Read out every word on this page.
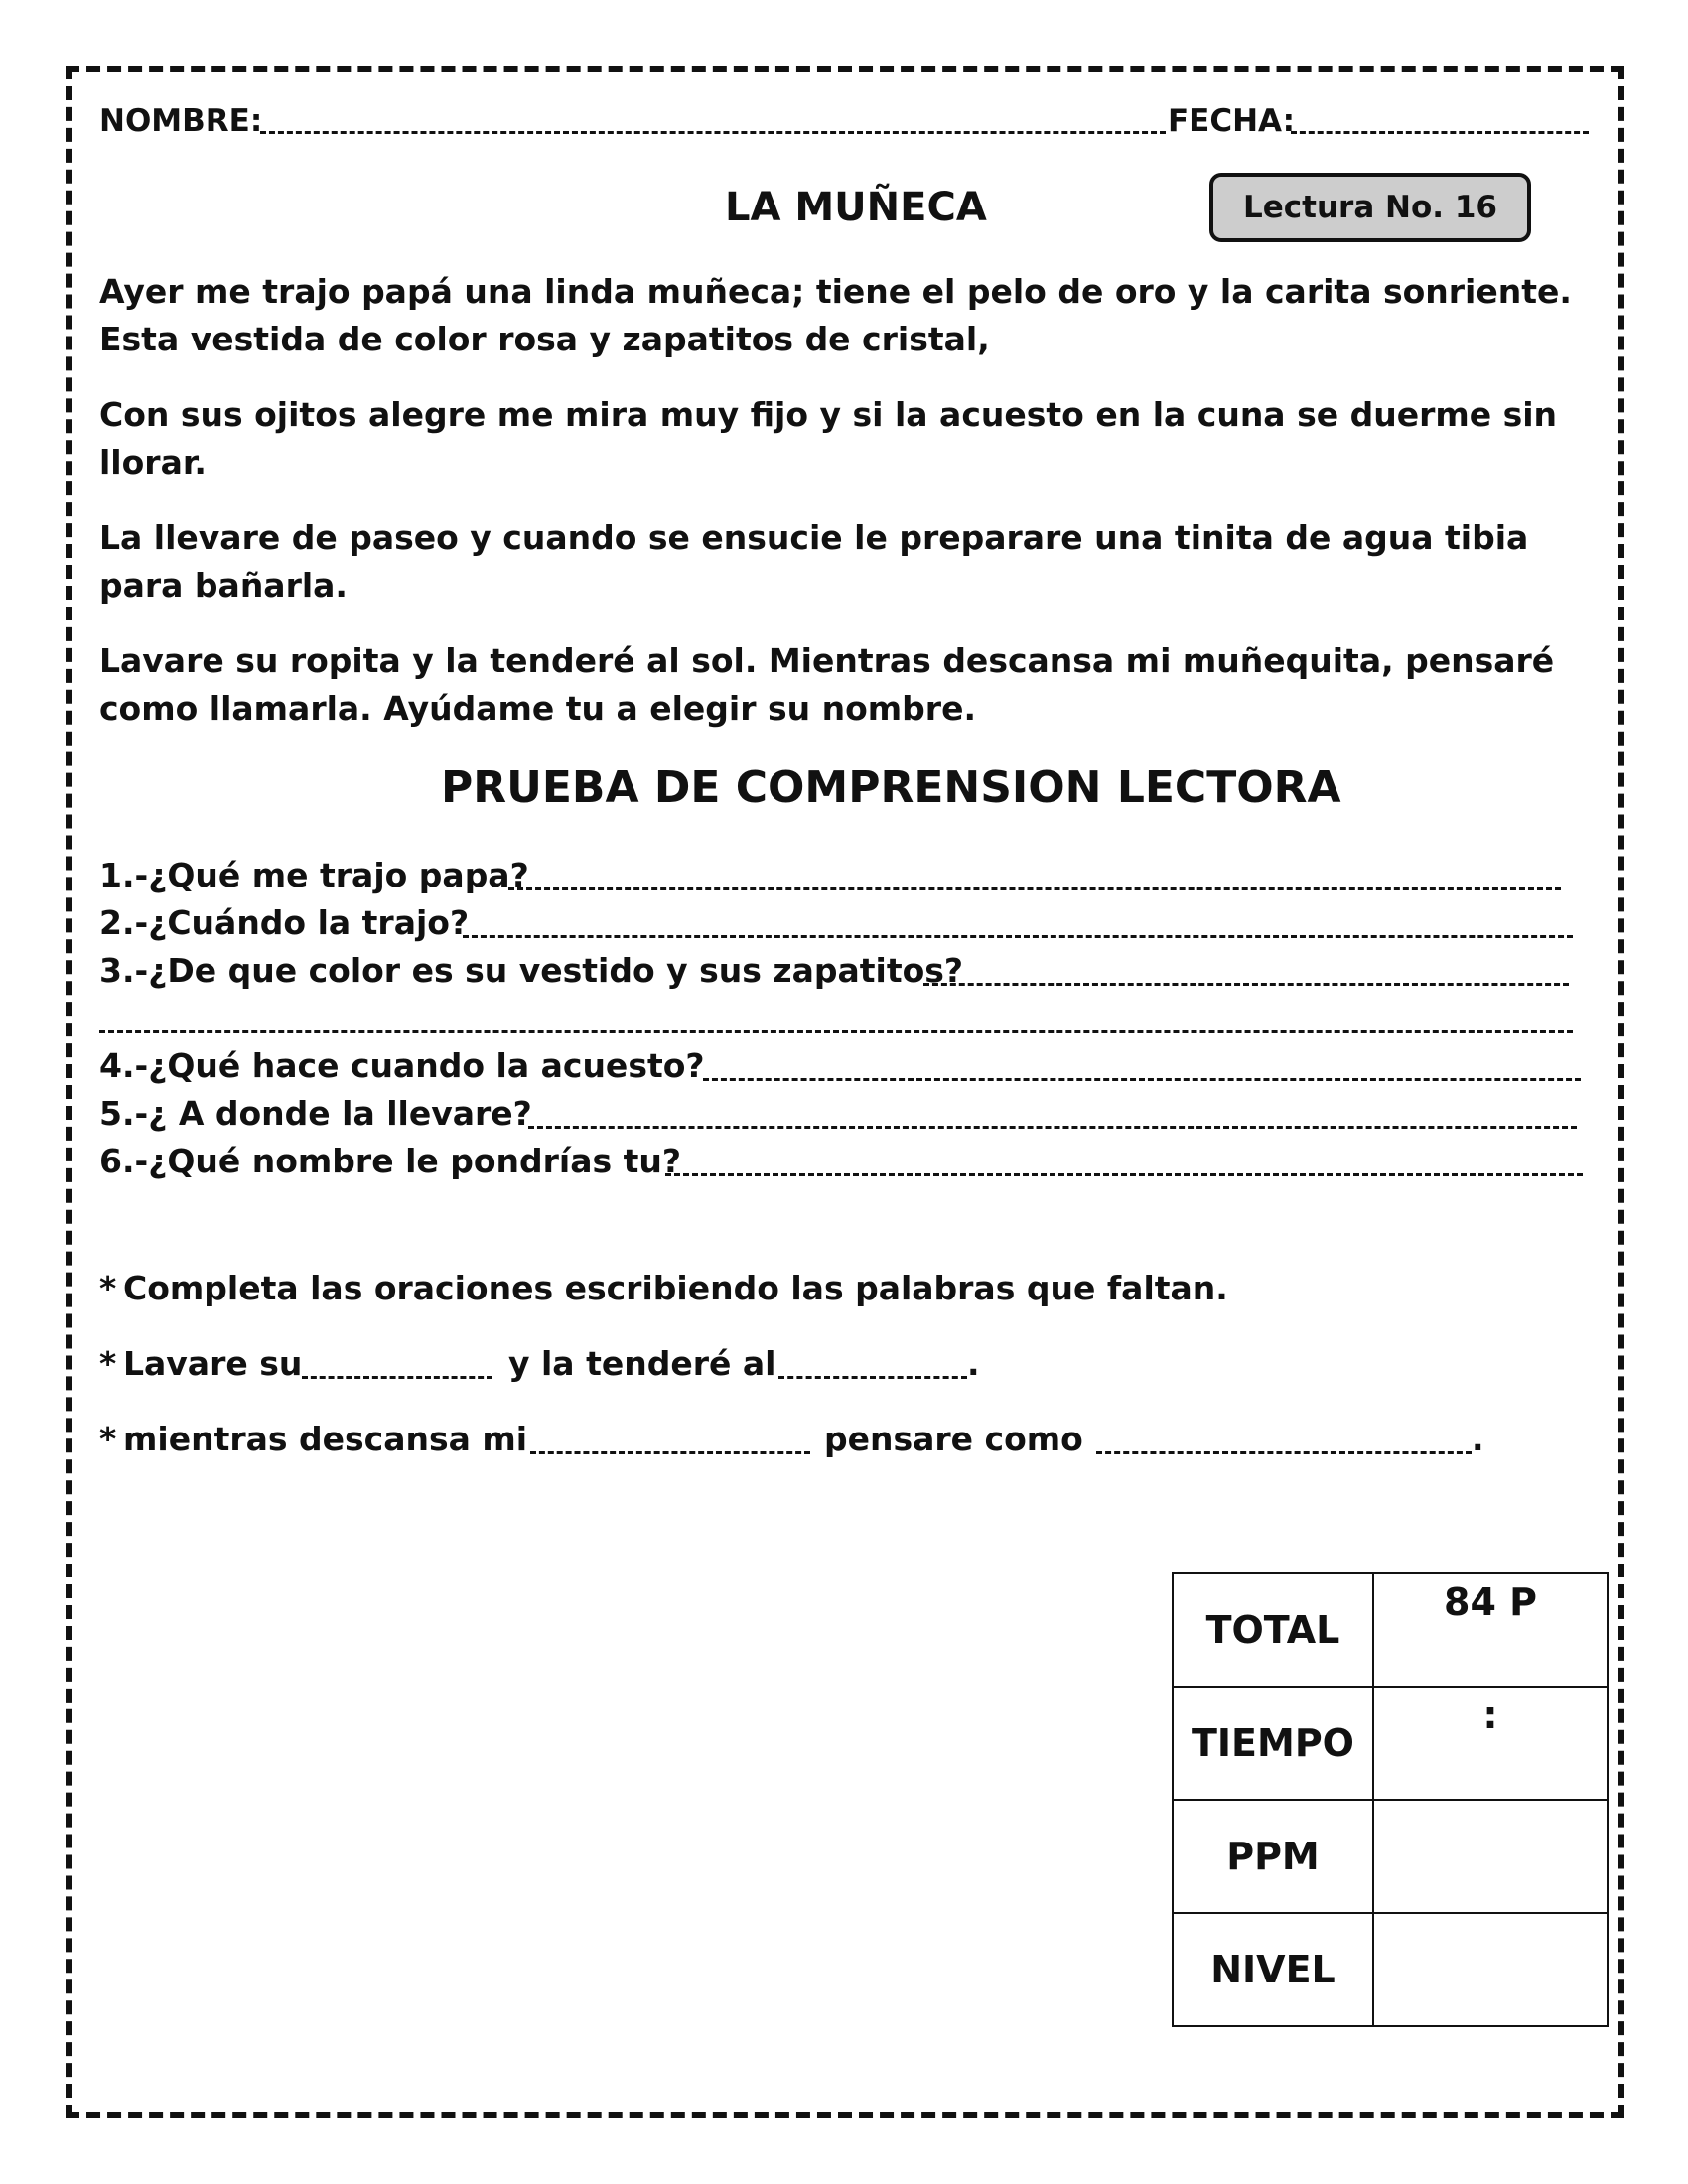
NOMBRE:	FECHA:
LA MUÑECA	Lectura No. 16
Ayer me trajo papá una linda muñeca; tiene el pelo de oro y la carita sonriente.
Esta vestida de color rosa y zapatitos de cristal,
Con sus ojitos alegre me mira muy fijo y si la acuesto en la cuna se duerme sin
llorar.
La llevare de paseo y cuando se ensucie le preparare una tinita de agua tibia
para bañarla.
Lavare su ropita y la tenderé al sol. Mientras descansa mi muñequita, pensaré
como llamarla. Ayúdame tu a elegir su nombre.
PRUEBA DE COMPRENSION LECTORA
1.-¿Qué me trajo papa?
2.-¿Cuándo la trajo?
3.-¿De que color es su vestido y sus zapatitos?
4.-¿Qué hace cuando la acuesto?
5.-¿ A donde la llevare?
6.-¿Qué nombre le pondrías tu?
* Completa las oraciones escribiendo las palabras que faltan.
* Lavare su	y la tenderé al	.
* mientras descansa mi	pensare como	.
TOTAL	84 P
TIEMPO	:
PPM	
NIVEL	
